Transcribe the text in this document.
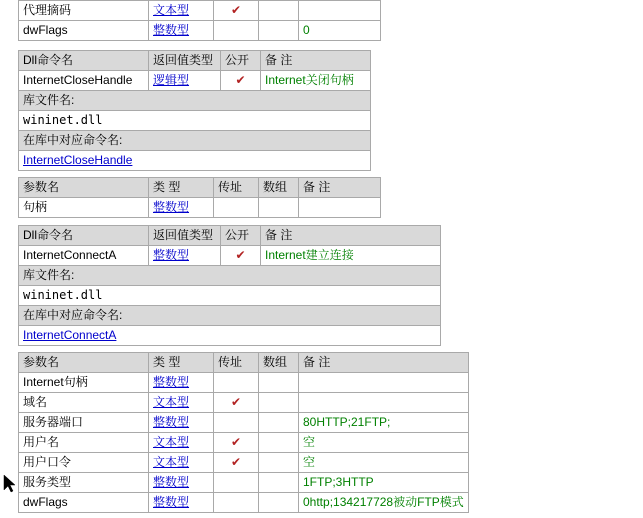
代理摘码	文本型	✔		
dwFlags	整数型			0
Dll命令名	返回值类型	公开	备 注
InternetCloseHandle	逻辑型	✔	Internet关闭句柄
库文件名:			
wininet.dll			
在库中对应命令名:			
InternetCloseHandle			
参数名	类 型	传址	数组	备 注
句柄	整数型			
Dll命令名	返回值类型	公开	备 注
InternetConnectA	整数型	✔	Internet建立连接
库文件名:			
wininet.dll			
在库中对应命令名:			
InternetConnectA			
参数名	类 型	传址	数组	备 注
Internet句柄	整数型			
域名	文本型	✔		
服务器端口	整数型			80HTTP;21FTP;
用户名	文本型	✔		空
用户口令	文本型	✔		空
服务类型	整数型			1FTP;3HTTP
dwFlags	整数型			0http;134217728被动FTP模式
